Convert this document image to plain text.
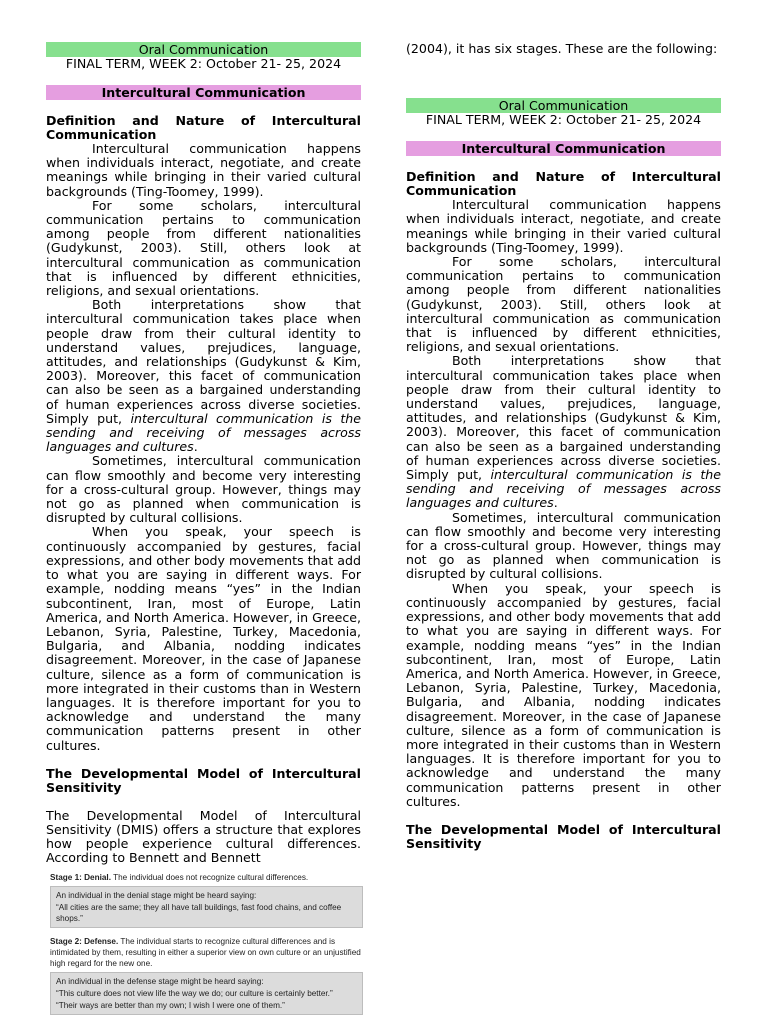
Oral Communication
FINAL TERM, WEEK 2: October 21- 25, 2024
Intercultural Communication
Definition and Nature of Intercultural Communication

Intercultural communication happens when individuals interact, negotiate, and create meanings while bringing in their varied cultural backgrounds (Ting-Toomey, 1999).

For some scholars, intercultural communication pertains to communication among people from different nationalities (Gudykunst, 2003). Still, others look at intercultural communication as communication that is influenced by different ethnicities, religions, and sexual orientations.

Both interpretations show that intercultural communication takes place when people draw from their cultural identity to understand values, prejudices, language, attitudes, and relationships (Gudykunst & Kim, 2003). Moreover, this facet of communication can also be seen as a bargained understanding of human experiences across diverse societies. Simply put, intercultural communication is the sending and receiving of messages across languages and cultures.

Sometimes, intercultural communication can flow smoothly and become very interesting for a cross-cultural group. However, things may not go as planned when communication is disrupted by cultural collisions.

When you speak, your speech is continuously accompanied by gestures, facial expressions, and other body movements that add to what you are saying in different ways. For example, nodding means “yes” in the Indian subcontinent, Iran, most of Europe, Latin America, and North America. However, in Greece, Lebanon, Syria, Palestine, Turkey, Macedonia, Bulgaria, and Albania, nodding indicates disagreement. Moreover, in the case of Japanese culture, silence as a form of communication is more integrated in their customs than in Western languages. It is therefore important for you to acknowledge and understand the many communication patterns present in other cultures.

The Developmental Model of Intercultural Sensitivity

The Developmental Model of Intercultural Sensitivity (DMIS) offers a structure that explores how people experience cultural differences. According to Bennett and Bennett

Stage 1: Denial. The individual does not recognize cultural differences.
An individual in the denial stage might be heard saying:
“All cities are the same; they all have tall buildings, fast food chains, and coffee shops.”
Stage 2: Defense. The individual starts to recognize cultural differences and is intimidated by them, resulting in either a superior view on own culture or an unjustified high regard for the new one.
An individual in the defense stage might be heard saying:
“This culture does not view life the way we do; our culture is certainly better.”
“Their ways are better than my own; I wish I were one of them.”

(2004), it has six stages. These are the following:

Oral Communication
FINAL TERM, WEEK 2: October 21- 25, 2024
Intercultural Communication
Definition and Nature of Intercultural Communication

Intercultural communication happens when individuals interact, negotiate, and create meanings while bringing in their varied cultural backgrounds (Ting-Toomey, 1999).

For some scholars, intercultural communication pertains to communication among people from different nationalities (Gudykunst, 2003). Still, others look at intercultural communication as communication that is influenced by different ethnicities, religions, and sexual orientations.

Both interpretations show that intercultural communication takes place when people draw from their cultural identity to understand values, prejudices, language, attitudes, and relationships (Gudykunst & Kim, 2003). Moreover, this facet of communication can also be seen as a bargained understanding of human experiences across diverse societies. Simply put, intercultural communication is the sending and receiving of messages across languages and cultures.

Sometimes, intercultural communication can flow smoothly and become very interesting for a cross-cultural group. However, things may not go as planned when communication is disrupted by cultural collisions.

When you speak, your speech is continuously accompanied by gestures, facial expressions, and other body movements that add to what you are saying in different ways. For example, nodding means “yes” in the Indian subcontinent, Iran, most of Europe, Latin America, and North America. However, in Greece, Lebanon, Syria, Palestine, Turkey, Macedonia, Bulgaria, and Albania, nodding indicates disagreement. Moreover, in the case of Japanese culture, silence as a form of communication is more integrated in their customs than in Western languages. It is therefore important for you to acknowledge and understand the many communication patterns present in other cultures.

The Developmental Model of Intercultural Sensitivity
